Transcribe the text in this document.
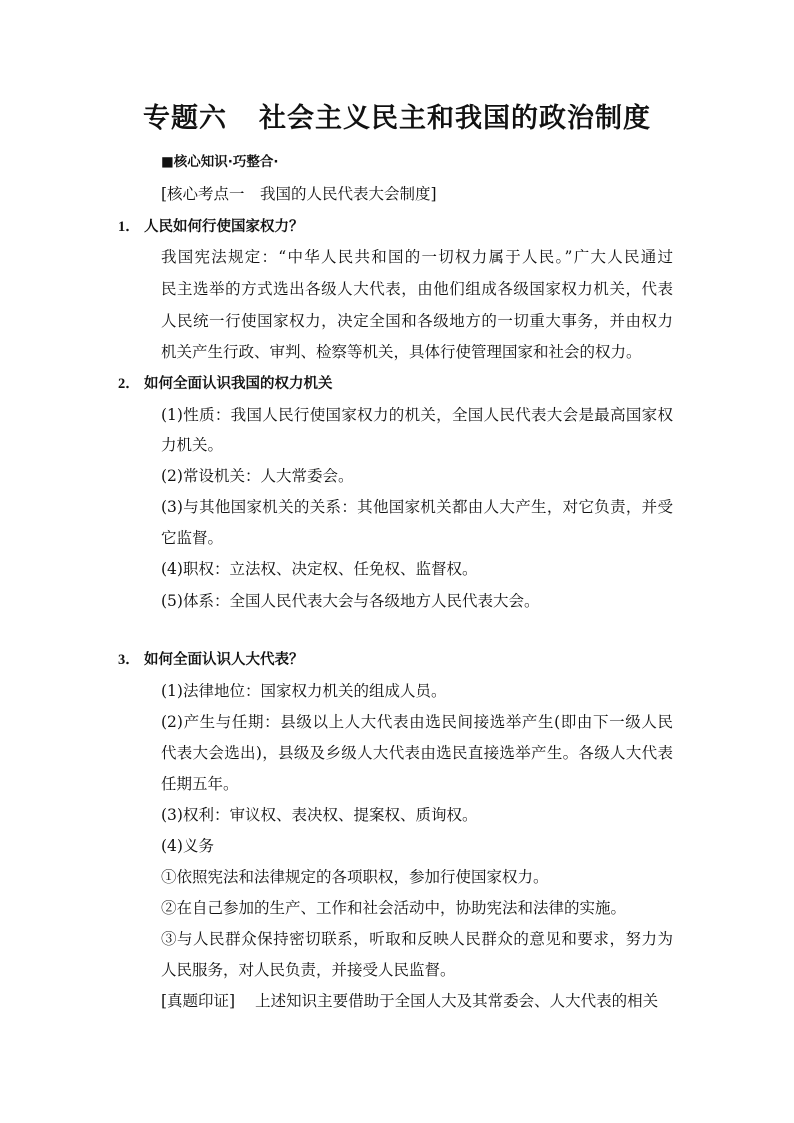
专题六 社会主义民主和我国的政治制度

■核心知识·巧整合·

[核心考点一　我国的人民代表大会制度]

1． 人民如何行使国家权力？

我国宪法规定：“中华人民共和国的一切权力属于人民。”广大人民通过

民主选举的方式选出各级人大代表，由他们组成各级国家权力机关，代表

人民统一行使国家权力，决定全国和各级地方的一切重大事务，并由权力

机关产生行政、审判、检察等机关，具体行使管理国家和社会的权力。

2． 如何全面认识我国的权力机关

(1)性质：我国人民行使国家权力的机关，全国人民代表大会是最高国家权

力机关。

(2)常设机关：人大常委会。

(3)与其他国家机关的关系：其他国家机关都由人大产生，对它负责，并受

它监督。

(4)职权：立法权、决定权、任免权、监督权。

(5)体系：全国人民代表大会与各级地方人民代表大会。

3． 如何全面认识人大代表？

(1)法律地位：国家权力机关的组成人员。

(2)产生与任期：县级以上人大代表由选民间接选举产生(即由下一级人民

代表大会选出)，县级及乡级人大代表由选民直接选举产生。各级人大代表

任期五年。

(3)权利：审议权、表决权、提案权、质询权。

(4)义务

①依照宪法和法律规定的各项职权，参加行使国家权力。

②在自己参加的生产、工作和社会活动中，协助宪法和法律的实施。

③与人民群众保持密切联系，听取和反映人民群众的意见和要求，努力为

人民服务，对人民负责，并接受人民监督。

[真题印证] 上述知识主要借助于全国人大及其常委会、人大代表的相关
